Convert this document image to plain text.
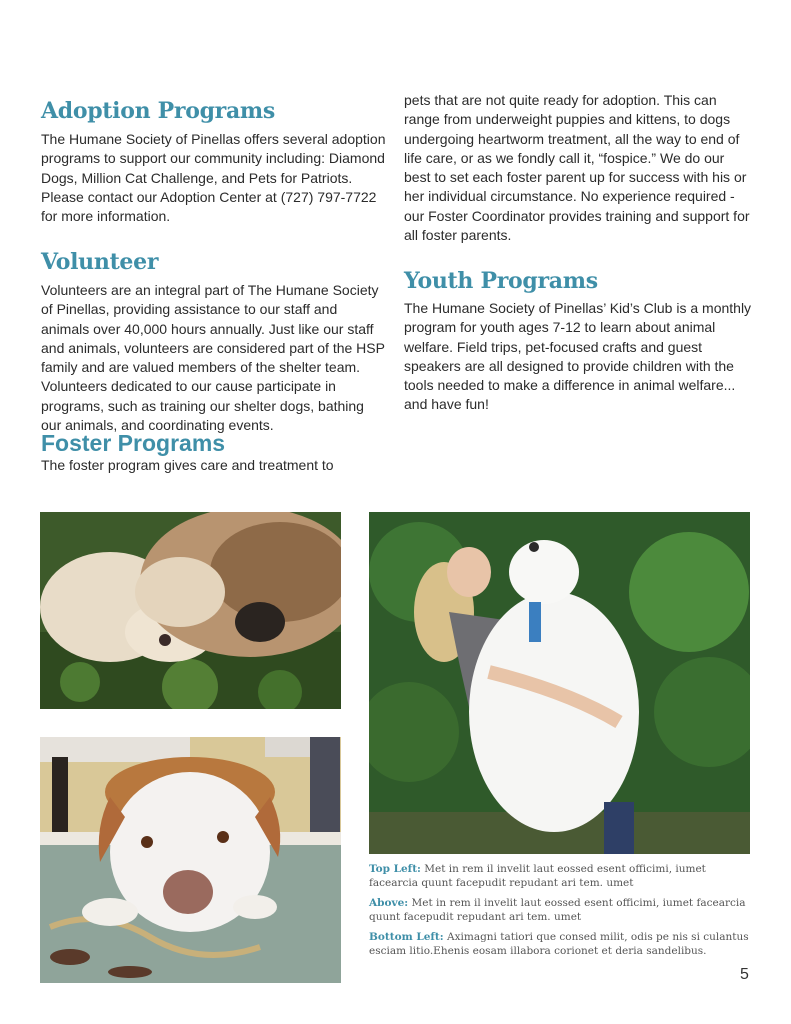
Adoption Programs

The Humane Society of Pinellas offers several adoption programs to support our community including: Diamond Dogs, Million Cat Challenge, and Pets for Patriots. Please contact our Adoption Center at (727) 797-7722 for more information.

Volunteer

Volunteers are an integral part of The Humane Society of Pinellas, providing assistance to our staff and animals over 40,000 hours annually. Just like our staff and animals, volunteers are considered part of the HSP family and are valued members of the shelter team. Volunteers dedicated to our cause participate in programs, such as training our shelter dogs, bathing our animals, and coordinating events.

Foster Programs

The foster program gives care and treatment to

pets that are not quite ready for adoption. This can range from underweight puppies and kittens, to dogs undergoing heartworm treatment, all the way to end of life care, or as we fondly call it, “fospice.” We do our best to set each foster parent up for success with his or her individual circumstance. No experience required - our Foster Coordinator provides training and support for all foster parents.

Youth Programs

The Humane Society of Pinellas’ Kid’s Club is a monthly program for youth ages 7-12 to learn about animal welfare. Field trips, pet-focused crafts and guest speakers are all designed to provide children with the tools needed to make a difference in animal welfare... and have fun!

Top Left: Met in rem il invelit laut eossed esent officimi, iumet facearcia quunt facepudit repudant ari tem. umet

Above: Met in rem il invelit laut eossed esent officimi, iumet facearcia quunt facepudit repudant ari tem. umet

Bottom Left: Aximagni tatiori que consed milit, odis pe nis si culantus esciam litio.Ehenis eosam illabora corionet et deria sandelibus.

5
